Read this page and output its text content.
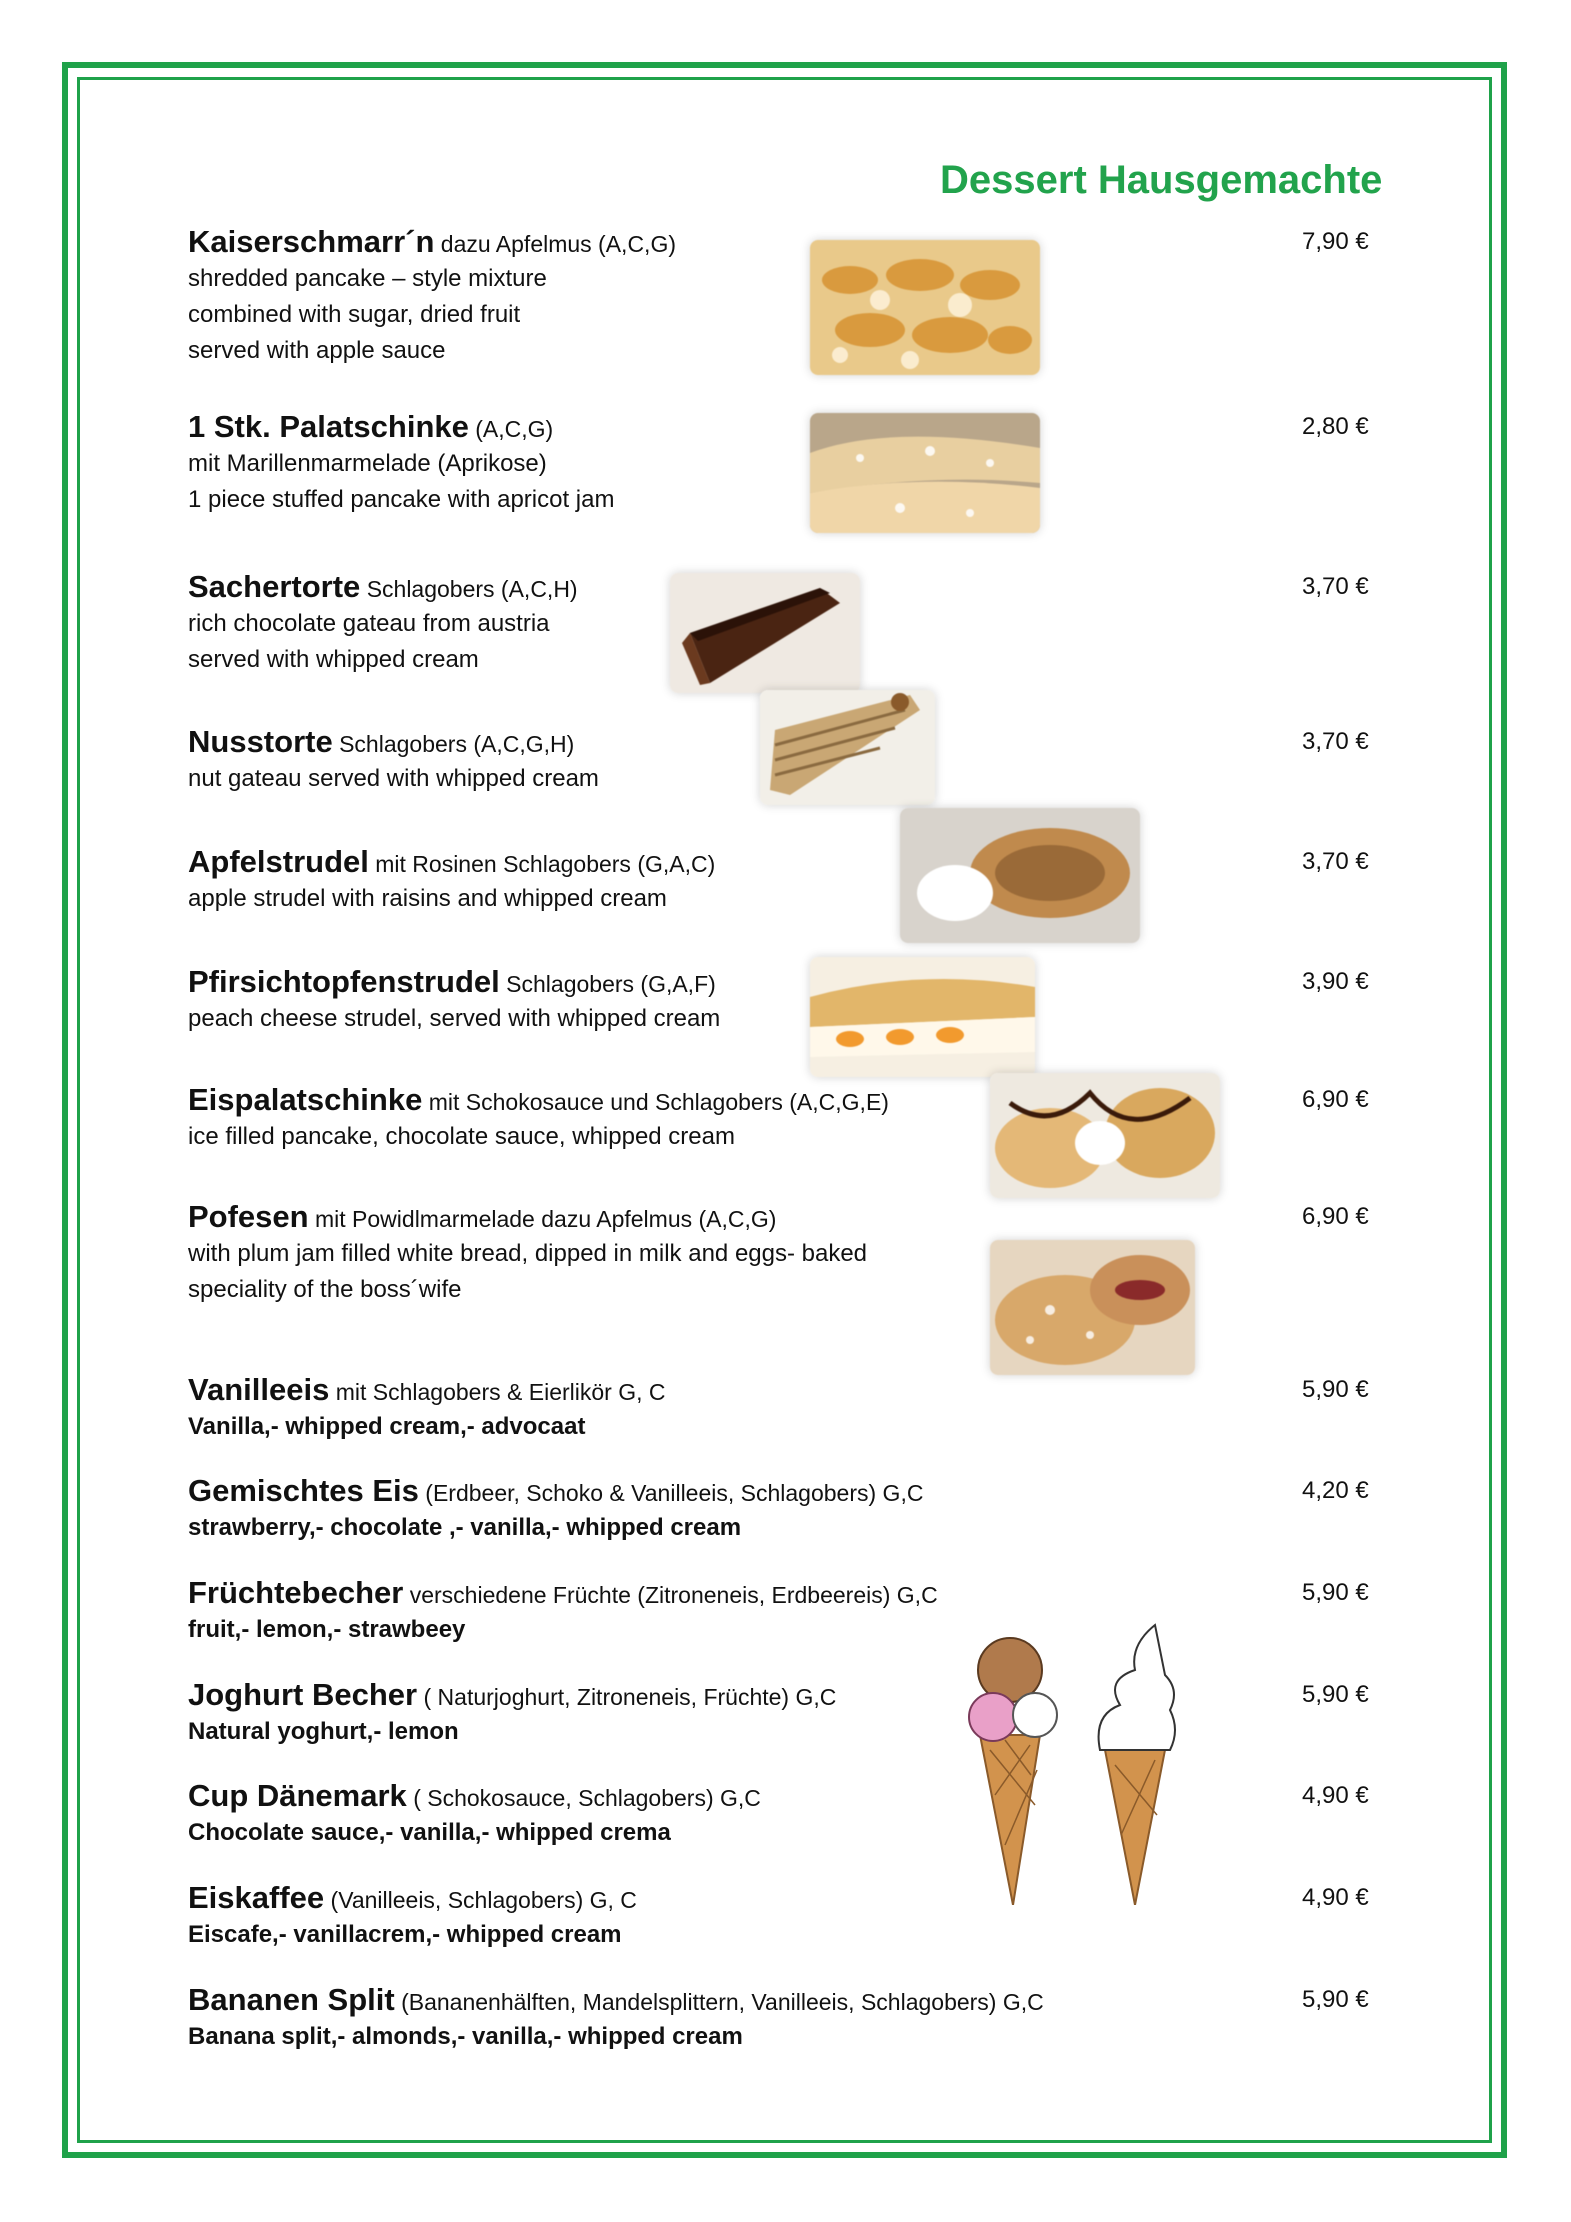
Dessert Hausgemachte
Kaiserschmarr´n dazu Apfelmus (A,C,G)
shredded pancake – style mixture
combined with sugar, dried fruit
served with apple sauce
7,90 €
1 Stk. Palatschinke (A,C,G)
mit Marillenmarmelade (Aprikose)
1 piece stuffed pancake with apricot jam
2,80 €
Sachertorte Schlagobers (A,C,H)
rich chocolate gateau from austria
served with whipped cream
3,70 €
Nusstorte Schlagobers (A,C,G,H)
nut gateau served with whipped cream
3,70 €
Apfelstrudel mit Rosinen Schlagobers (G,A,C)
apple strudel with raisins and whipped cream
3,70 €
Pfirsichtopfenstrudel Schlagobers (G,A,F)
peach cheese strudel, served with whipped cream
3,90 €
Eispalatschinke mit Schokosauce und Schlagobers (A,C,G,E)
ice filled pancake, chocolate sauce, whipped cream
6,90 €
Pofesen mit Powidlmarmelade dazu Apfelmus (A,C,G)
with plum jam filled white bread, dipped in milk and eggs- baked
speciality of the boss´wife
6,90 €
Vanilleeis mit Schlagobers & Eierlikör G, C
Vanilla,- whipped cream,- advocaat
5,90 €
Gemischtes Eis (Erdbeer, Schoko & Vanilleeis, Schlagobers) G,C
strawberry,- chocolate ,- vanilla,- whipped cream
4,20 €
Früchtebecher verschiedene Früchte (Zitroneneis, Erdbeereis) G,C
fruit,- lemon,- strawbeey
5,90 €
Joghurt Becher ( Naturjoghurt, Zitroneneis, Früchte) G,C
Natural yoghurt,- lemon
5,90 €
Cup Dänemark ( Schokosauce, Schlagobers) G,C
Chocolate sauce,- vanilla,- whipped crema
4,90 €
Eiskaffee (Vanilleeis, Schlagobers) G, C
Eiscafe,- vanillacrem,- whipped cream
4,90 €
Bananen Split (Bananenhälften, Mandelsplittern, Vanilleeis, Schlagobers) G,C
Banana split,- almonds,- vanilla,- whipped cream
5,90 €
